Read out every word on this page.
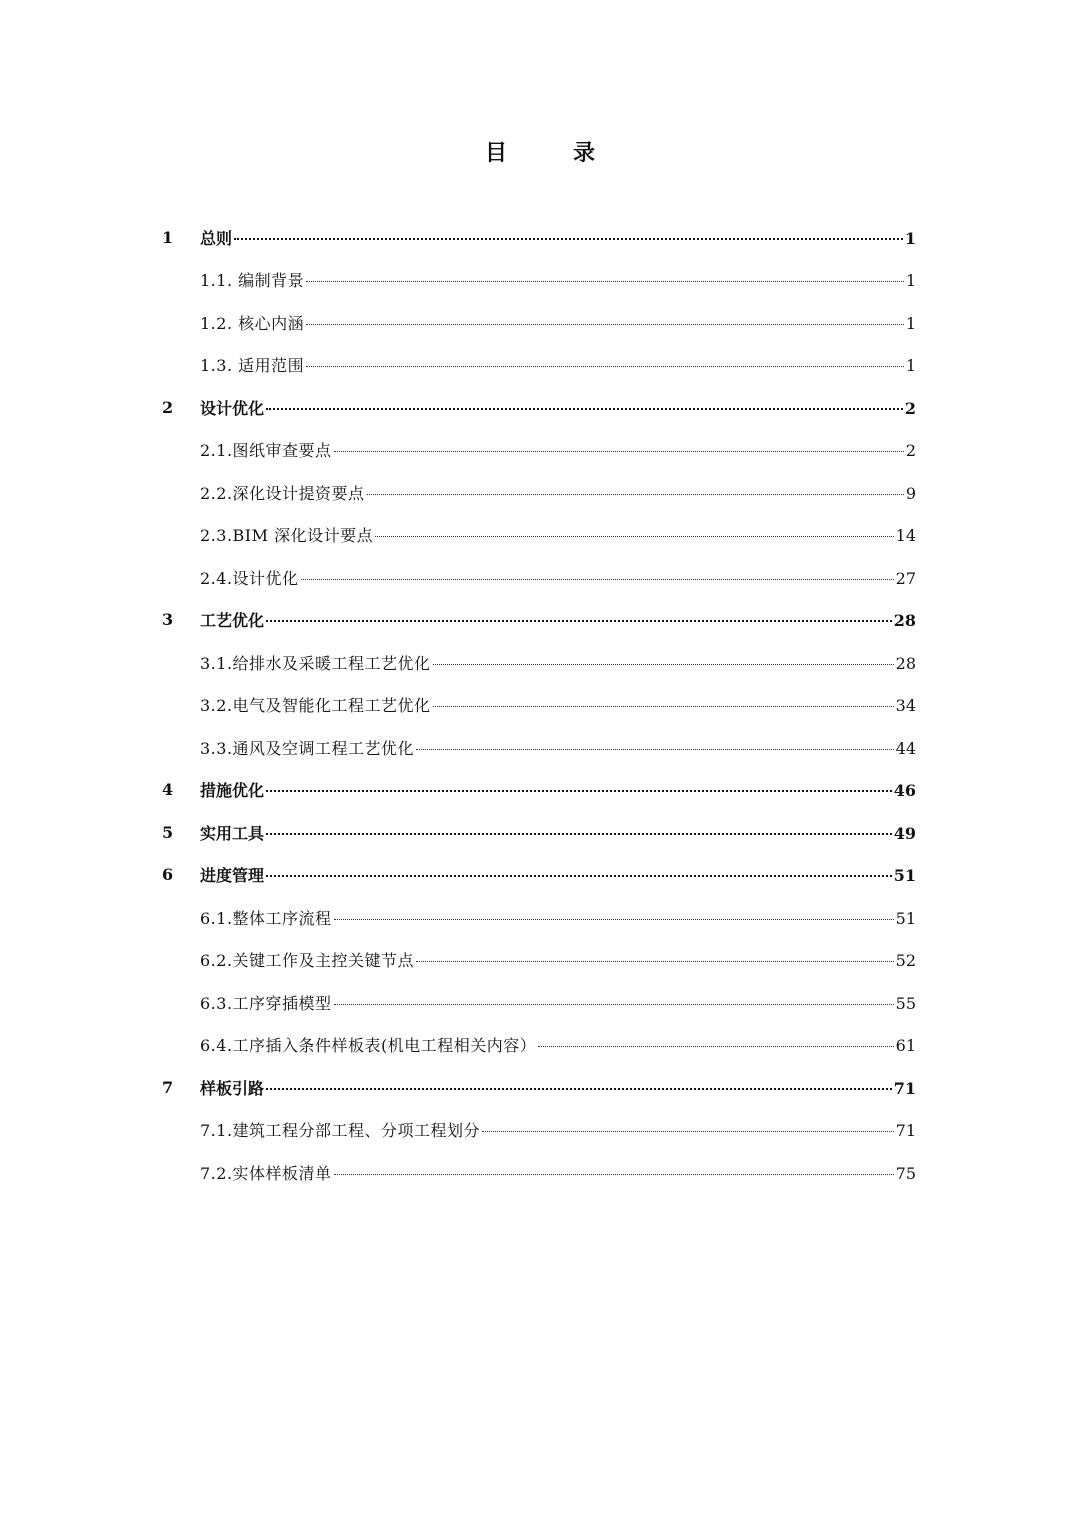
目　录
1	总则	1
1.1. 编制背景	1
1.2. 核心内涵	1
1.3. 适用范围	1
2	设计优化	2
2.1.图纸审查要点	2
2.2.深化设计提资要点	9
2.3.BIM 深化设计要点	14
2.4.设计优化	27
3	工艺优化	28
3.1.给排水及采暖工程工艺优化	28
3.2.电气及智能化工程工艺优化	34
3.3.通风及空调工程工艺优化	44
4	措施优化	46
5	实用工具	49
6	进度管理	51
6.1.整体工序流程	51
6.2.关键工作及主控关键节点	52
6.3.工序穿插模型	55
6.4.工序插入条件样板表(机电工程相关内容）	61
7	样板引路	71
7.1.建筑工程分部工程、分项工程划分	71
7.2.实体样板清单	75
